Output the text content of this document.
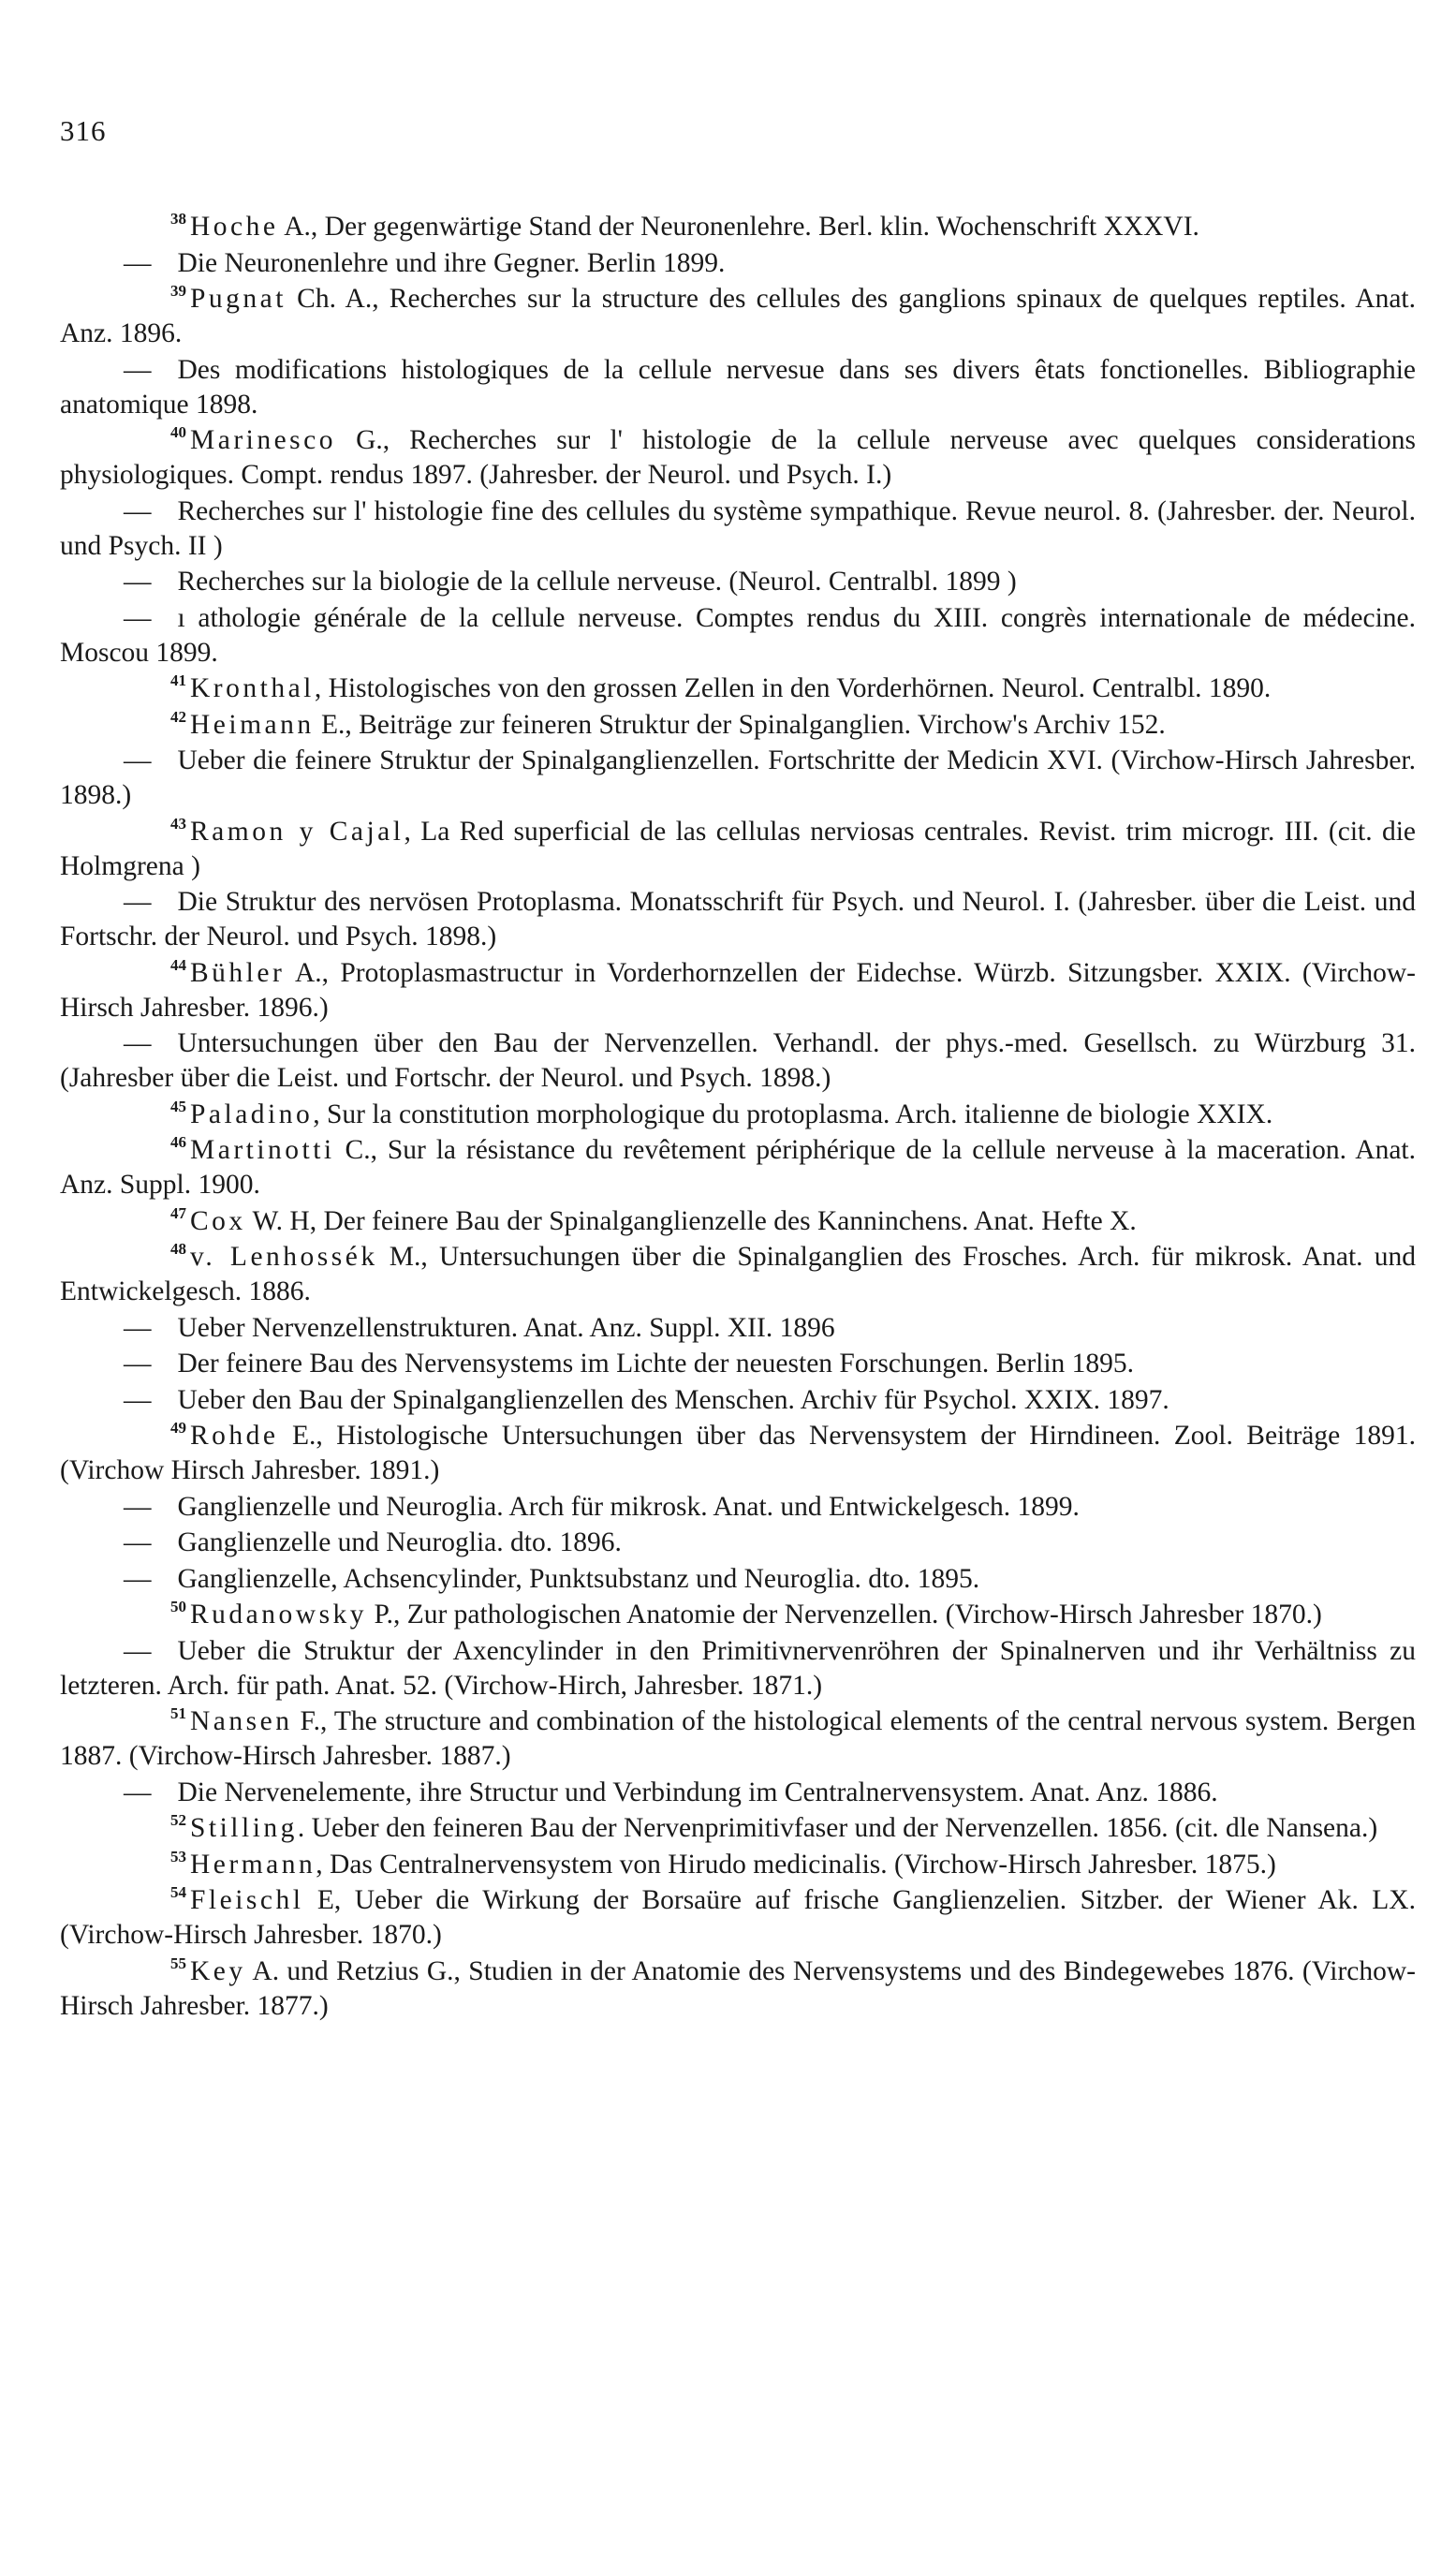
316

$^{38}$ Hoche A., Der gegenwärtige Stand der Neuronenlehre. Berl. klin. Wochenschrift XXXVI.

— Die Neuronenlehre und ihre Gegner. Berlin 1899.

$^{39}$ Pugnat Ch. A., Recherches sur la structure des cellules des ganglions spinaux de quelques reptiles. Anat. Anz. 1896.

— Des modifications histologiques de la cellule nervesue dans ses divers êtats fonctionelles. Bibliographie anatomique 1898.

$^{40}$ Marinesco G., Recherches sur l' histologie de la cellule nerveuse avec quelques considerations physiologiques. Compt. rendus 1897. (Jahresber. der Neurol. und Psych. I.)

— Recherches sur l' histologie fine des cellules du système sympathique. Revue neurol. 8. (Jahresber. der. Neurol. und Psych. II )

— Recherches sur la biologie de la cellule nerveuse. (Neurol. Centralbl. 1899 )

— ı athologie générale de la cellule nerveuse. Comptes rendus du XIII. congrès internationale de médecine. Moscou 1899.

$^{41}$ Kronthal, Histologisches von den grossen Zellen in den Vorderhörnen. Neurol. Centralbl. 1890.

$^{42}$ Heimann E., Beiträge zur feineren Struktur der Spinalganglien. Virchow's Archiv 152.

— Ueber die feinere Struktur der Spinalganglienzellen. Fortschritte der Medicin XVI. (Virchow-Hirsch Jahresber. 1898.)

$^{43}$ Ramon y Cajal, La Red superficial de las cellulas nerviosas centrales. Revist. trim microgr. III. (cit. die Holmgrena )

— Die Struktur des nervösen Protoplasma. Monatsschrift für Psych. und Neurol. I. (Jahresber. über die Leist. und Fortschr. der Neurol. und Psych. 1898.)

$^{44}$ Bühler A., Protoplasmastructur in Vorderhornzellen der Eidechse. Würzb. Sitzungsber. XXIX. (Virchow-Hirsch Jahresber. 1896.)

— Untersuchungen über den Bau der Nervenzellen. Verhandl. der phys.-med. Gesellsch. zu Würzburg 31. (Jahresber über die Leist. und Fortschr. der Neurol. und Psych. 1898.)

$^{45}$ Paladino, Sur la constitution morphologique du protoplasma. Arch. italienne de biologie XXIX.

$^{46}$ Martinotti C., Sur la résistance du revêtement périphérique de la cellule nerveuse à la maceration. Anat. Anz. Suppl. 1900.

$^{47}$ Cox W. H, Der feinere Bau der Spinalganglienzelle des Kanninchens. Anat. Hefte X.

$^{48}$ v. Lenhossék M., Untersuchungen über die Spinalganglien des Frosches. Arch. für mikrosk. Anat. und Entwickelgesch. 1886.

— Ueber Nervenzellenstrukturen. Anat. Anz. Suppl. XII. 1896

— Der feinere Bau des Nervensystems im Lichte der neuesten Forschungen. Berlin 1895.

— Ueber den Bau der Spinalganglienzellen des Menschen. Archiv für Psychol. XXIX. 1897.

$^{49}$ Rohde E., Histologische Untersuchungen über das Nervensystem der Hirndineen. Zool. Beiträge 1891. (Virchow Hirsch Jahresber. 1891.)

— Ganglienzelle und Neuroglia. Arch für mikrosk. Anat. und Entwickelgesch. 1899.

— Ganglienzelle und Neuroglia. dto. 1896.

— Ganglienzelle, Achsencylinder, Punktsubstanz und Neuroglia. dto. 1895.

$^{50}$ Rudanowsky P., Zur pathologischen Anatomie der Nervenzellen. (Virchow-Hirsch Jahresber 1870.)

— Ueber die Struktur der Axencylinder in den Primitivnervenröhren der Spinalnerven und ihr Verhältniss zu letzteren. Arch. für path. Anat. 52. (Virchow-Hirch, Jahresber. 1871.)

$^{51}$ Nansen F., The structure and combination of the histological elements of the central nervous system. Bergen 1887. (Virchow-Hirsch Jahresber. 1887.)

— Die Nervenelemente, ihre Structur und Verbindung im Centralnervensystem. Anat. Anz. 1886.

$^{52}$ Stilling. Ueber den feineren Bau der Nervenprimitivfaser und der Nervenzellen. 1856. (cit. dle Nansena.)

$^{53}$ Hermann, Das Centralnervensystem von Hirudo medicinalis. (Virchow-Hirsch Jahresber. 1875.)

$^{54}$ Fleischl E, Ueber die Wirkung der Borsaüre auf frische Ganglienzelien. Sitzber. der Wiener Ak. LX. (Virchow-Hirsch Jahresber. 1870.)

$^{55}$ Key A. und Retzius G., Studien in der Anatomie des Nervensystems und des Bindegewebes 1876. (Virchow-Hirsch Jahresber. 1877.)
